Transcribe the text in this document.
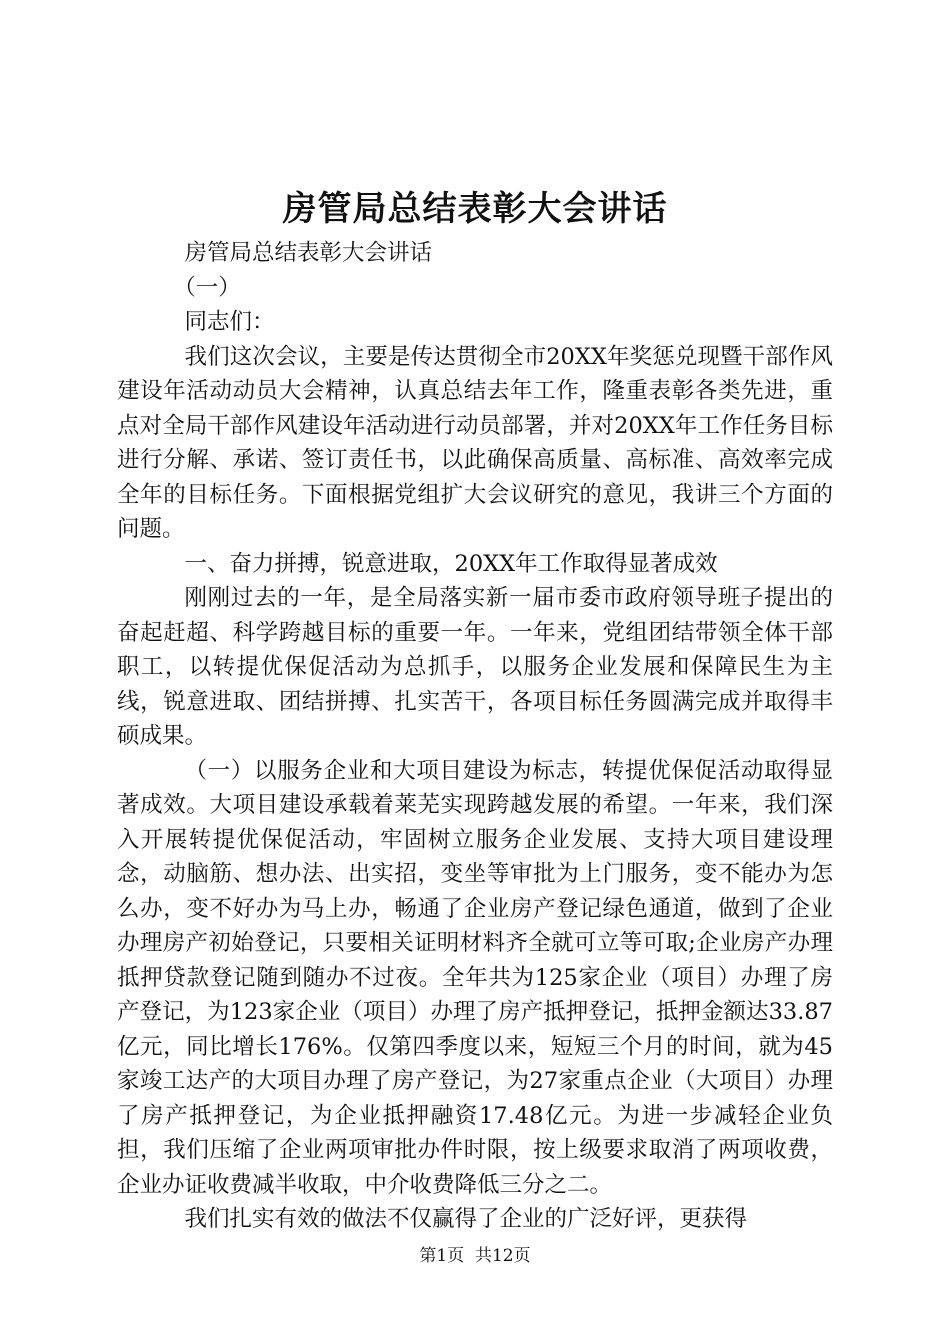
房管局总结表彰大会讲话

房管局总结表彰大会讲话

（一）

同志们：

我们这次会议，主要是传达贯彻全市20XX年奖惩兑现暨干部作风建设年活动动员大会精神，认真总结去年工作，隆重表彰各类先进，重点对全局干部作风建设年活动进行动员部署，并对20XX年工作任务目标进行分解、承诺、签订责任书，以此确保高质量、高标准、高效率完成全年的目标任务。下面根据党组扩大会议研究的意见，我讲三个方面的问题。

一、奋力拼搏，锐意进取，20XX年工作取得显著成效

刚刚过去的一年，是全局落实新一届市委市政府领导班子提出的奋起赶超、科学跨越目标的重要一年。一年来，党组团结带领全体干部职工，以转提优保促活动为总抓手，以服务企业发展和保障民生为主线，锐意进取、团结拼搏、扎实苦干，各项目标任务圆满完成并取得丰硕成果。

（一）以服务企业和大项目建设为标志，转提优保促活动取得显著成效。大项目建设承载着莱芜实现跨越发展的希望。一年来，我们深入开展转提优保促活动，牢固树立服务企业发展、支持大项目建设理念，动脑筋、想办法、出实招，变坐等审批为上门服务，变不能办为怎么办，变不好办为马上办，畅通了企业房产登记绿色通道，做到了企业办理房产初始登记，只要相关证明材料齐全就可立等可取;企业房产办理抵押贷款登记随到随办不过夜。全年共为125家企业（项目）办理了房产登记，为123家企业（项目）办理了房产抵押登记，抵押金额达33.87亿元，同比增长176%。仅第四季度以来，短短三个月的时间，就为45家竣工达产的大项目办理了房产登记，为27家重点企业（大项目）办理了房产抵押登记，为企业抵押融资17.48亿元。为进一步减轻企业负担，我们压缩了企业两项审批办件时限，按上级要求取消了两项收费，企业办证收费减半收取，中介收费降低三分之二。

我们扎实有效的做法不仅赢得了企业的广泛好评，更获得

第1页  共12页
